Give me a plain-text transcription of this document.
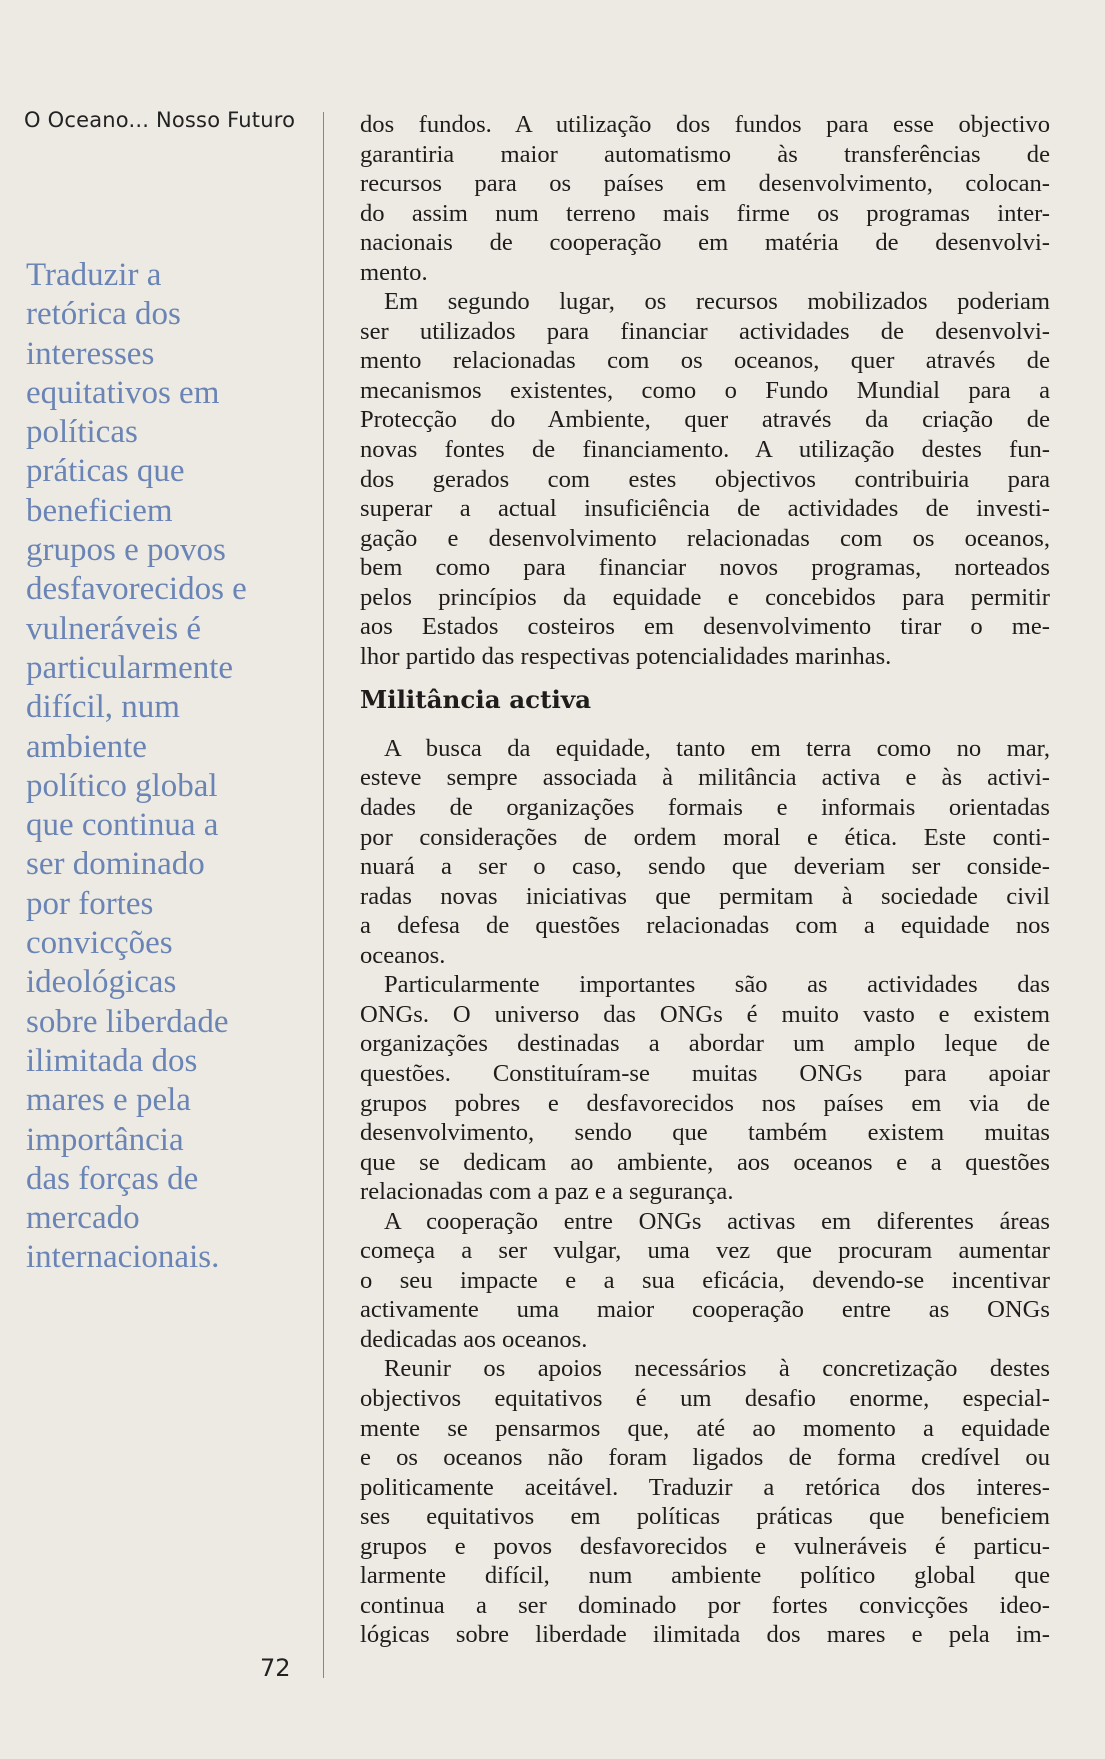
O Oceano... Nosso Futuro
Traduzir a
retórica dos
interesses
equitativos em
políticas
práticas que
beneficiem
grupos e povos
desfavorecidos e
vulneráveis é
particularmente
difícil, num
ambiente
político global
que continua a
ser dominado
por fortes
convicções
ideológicas
sobre liberdade
ilimitada dos
mares e pela
importância
das forças de
mercado
internacionais.
72
dos fundos. A utilização dos fundos para esse objectivo
garantiria maior automatismo às transferências de
recursos para os países em desenvolvimento, colocan-
do assim num terreno mais firme os programas inter-
nacionais de cooperação em matéria de desenvolvi-
mento.
Em segundo lugar, os recursos mobilizados poderiam
ser utilizados para financiar actividades de desenvolvi-
mento relacionadas com os oceanos, quer através de
mecanismos existentes, como o Fundo Mundial para a
Protecção do Ambiente, quer através da criação de
novas fontes de financiamento. A utilização destes fun-
dos gerados com estes objectivos contribuiria para
superar a actual insuficiência de actividades de investi-
gação e desenvolvimento relacionadas com os oceanos,
bem como para financiar novos programas, norteados
pelos princípios da equidade e concebidos para permitir
aos Estados costeiros em desenvolvimento tirar o me-
lhor partido das respectivas potencialidades marinhas.
Militância activa
A busca da equidade, tanto em terra como no mar,
esteve sempre associada à militância activa e às activi-
dades de organizações formais e informais orientadas
por considerações de ordem moral e ética. Este conti-
nuará a ser o caso, sendo que deveriam ser conside-
radas novas iniciativas que permitam à sociedade civil
a defesa de questões relacionadas com a equidade nos
oceanos.
Particularmente importantes são as actividades das
ONGs. O universo das ONGs é muito vasto e existem
organizações destinadas a abordar um amplo leque de
questões. Constituíram-se muitas ONGs para apoiar
grupos pobres e desfavorecidos nos países em via de
desenvolvimento, sendo que também existem muitas
que se dedicam ao ambiente, aos oceanos e a questões
relacionadas com a paz e a segurança.
A cooperação entre ONGs activas em diferentes áreas
começa a ser vulgar, uma vez que procuram aumentar
o seu impacte e a sua eficácia, devendo-se incentivar
activamente uma maior cooperação entre as ONGs
dedicadas aos oceanos.
Reunir os apoios necessários à concretização destes
objectivos equitativos é um desafio enorme, especial-
mente se pensarmos que, até ao momento a equidade
e os oceanos não foram ligados de forma credível ou
politicamente aceitável. Traduzir a retórica dos interes-
ses equitativos em políticas práticas que beneficiem
grupos e povos desfavorecidos e vulneráveis é particu-
larmente difícil, num ambiente político global que
continua a ser dominado por fortes convicções ideo-
lógicas sobre liberdade ilimitada dos mares e pela im-
